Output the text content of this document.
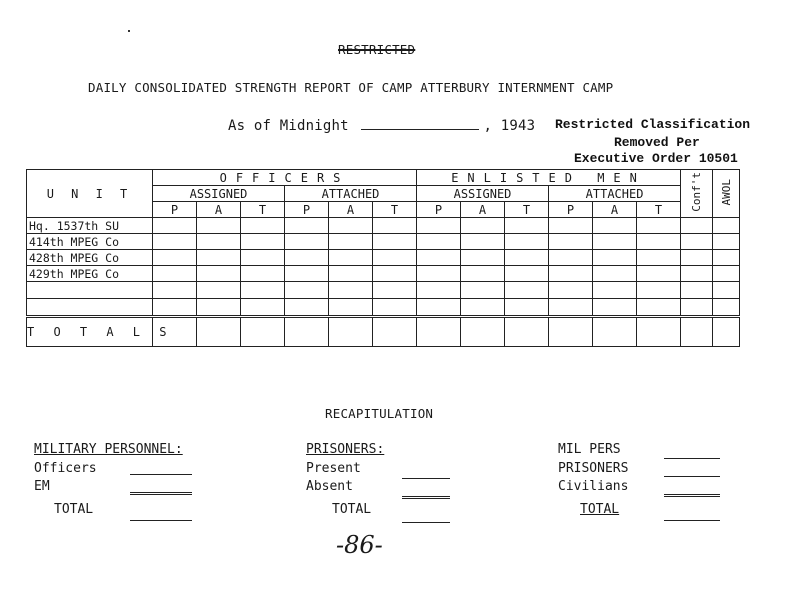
RESTRICTED
DAILY CONSOLIDATED STRENGTH REPORT OF CAMP ATTERBURY INTERNMENT CAMP
As of Midnight	, 1943 Restricted Classification
Removed Per
Executive Order 10501
U N I T	OFFICERS						ENLISTED MEN						Conf't	AWOL
	ASSIGNED			ATTACHED			ASSIGNED			ATTACHED				
	P	A	T	P	A	T	P	A	T	P	A	T		
Hq. 1537th SU														
414th MPEG Co														
428th MPEG Co														
429th MPEG Co														

T O T A L S														
RECAPITULATION
MILITARY PERSONNEL:
Officers
EM
TOTAL
PRISONERS:
Present
Absent
TOTAL
MIL PERS
PRISONERS
Civilians
TOTAL
-86-
